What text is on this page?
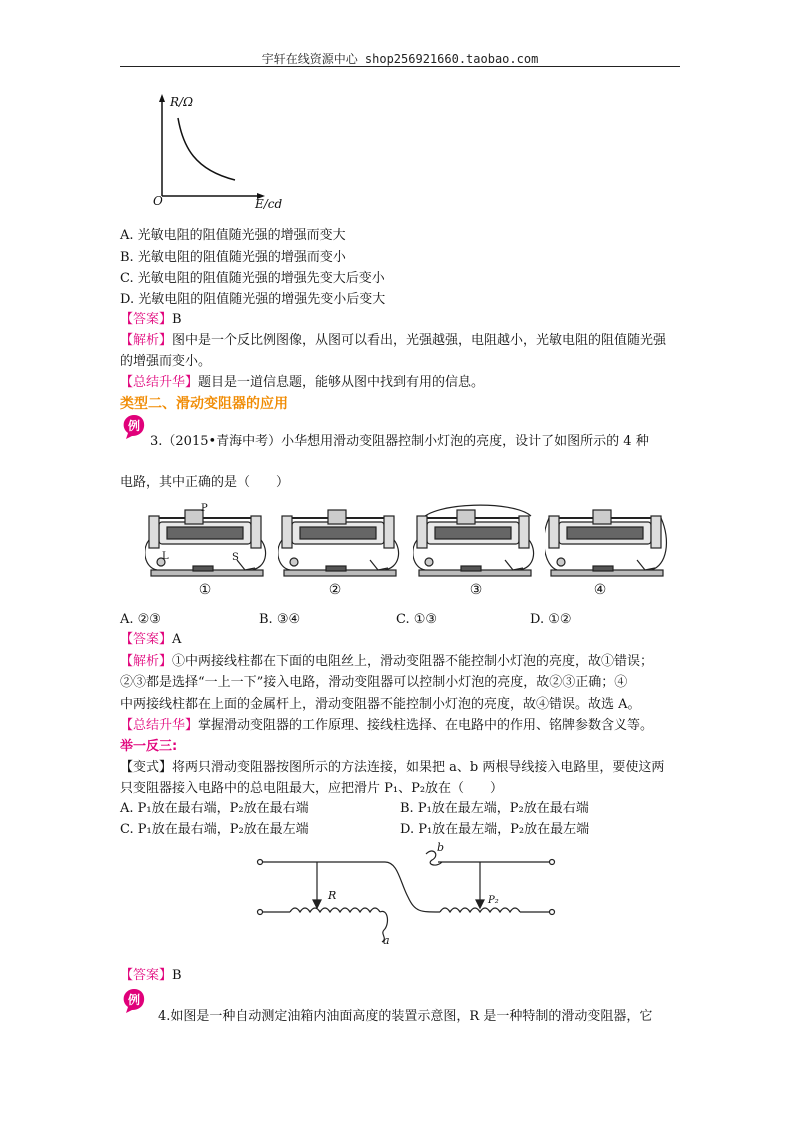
宇轩在线资源中心 shop256921660.taobao.com
R/Ω
O	E/cd
A. 光敏电阻的阻值随光强的增强而变大
B. 光敏电阻的阻值随光强的增强而变小
C. 光敏电阻的阻值随光强的增强先变大后变小
D. 光敏电阻的阻值随光强的增强先变小后变大
【答案】B
【解析】图中是一个反比例图像，从图可以看出，光强越强，电阻越小，光敏电阻的阻值随光强
的增强而变小。
【总结升华】题目是一道信息题，能够从图中找到有用的信息。
类型二、滑动变阻器的应用
例
3.（2015•青海中考）小华想用滑动变阻器控制小灯泡的亮度，设计了如图所示的 4 种
电路，其中正确的是（　　）
L	S
P
①	②	③	④
A. ②③	B. ③④	C. ①③	D. ①②
【答案】A
【解析】①中两接线柱都在下面的电阻丝上，滑动变阻器不能控制小灯泡的亮度，故①错误；
②③都是选择“一上一下”接入电路，滑动变阻器可以控制小灯泡的亮度，故②③正确；④
中两接线柱都在上面的金属杆上，滑动变阻器不能控制小灯泡的亮度，故④错误。故选 A。
【总结升华】掌握滑动变阻器的工作原理、接线柱选择、在电路中的作用、铭牌参数含义等。
举一反三:
【变式】将两只滑动变阻器按图所示的方法连接，如果把 a、b 两根导线接入电路里，要使这两
只变阻器接入电路中的总电阻最大，应把滑片 P₁、P₂放在（　　）
A. P₁放在最右端，P₂放在最右端	B. P₁放在最左端，P₂放在最右端
C. P₁放在最右端，P₂放在最左端	D. P₁放在最左端，P₂放在最左端
R	P₂
a
b
【答案】B
例
4.如图是一种自动测定油箱内油面高度的装置示意图，R 是一种特制的滑动变阻器，它
